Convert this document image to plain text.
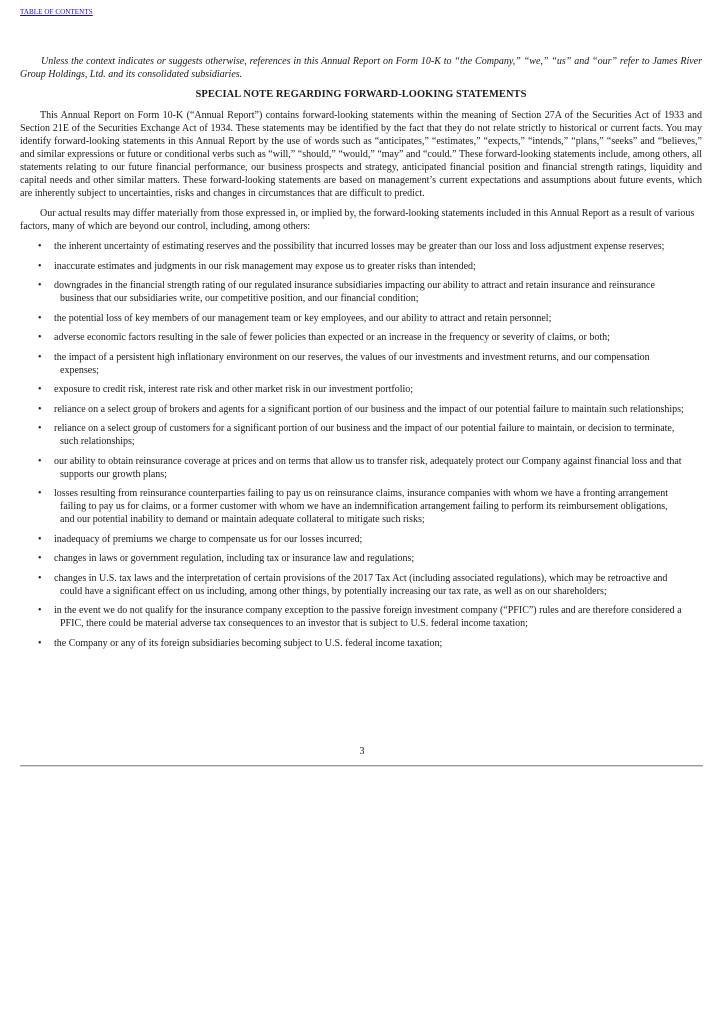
TABLE OF CONTENTS

Unless the context indicates or suggests otherwise, references in this Annual Report on Form 10-K to “the Company,” “we,” “us” and “our” refer to James River Group Holdings, Ltd. and its consolidated subsidiaries.

SPECIAL NOTE REGARDING FORWARD-LOOKING STATEMENTS

This Annual Report on Form 10-K (“Annual Report”) contains forward-looking statements within the meaning of Section 27A of the Securities Act of 1933 and Section 21E of the Securities Exchange Act of 1934. These statements may be identified by the fact that they do not relate strictly to historical or current facts. You may identify forward-looking statements in this Annual Report by the use of words such as “anticipates,” “estimates,” “expects,” “intends,” “plans,” “seeks” and “believes,” and similar expressions or future or conditional verbs such as “will,” “should,” “would,” “may” and “could.” These forward-looking statements include, among others, all statements relating to our future financial performance, our business prospects and strategy, anticipated financial position and financial strength ratings, liquidity and capital needs and other similar matters. These forward-looking statements are based on management’s current expectations and assumptions about future events, which are inherently subject to uncertainties, risks and changes in circumstances that are difficult to predict.

Our actual results may differ materially from those expressed in, or implied by, the forward-looking statements included in this Annual Report as a result of various factors, many of which are beyond our control, including, among others:

• the inherent uncertainty of estimating reserves and the possibility that incurred losses may be greater than our loss and loss adjustment expense reserves;
• inaccurate estimates and judgments in our risk management may expose us to greater risks than intended;
• downgrades in the financial strength rating of our regulated insurance subsidiaries impacting our ability to attract and retain insurance and reinsurance business that our subsidiaries write, our competitive position, and our financial condition;
• the potential loss of key members of our management team or key employees, and our ability to attract and retain personnel;
• adverse economic factors resulting in the sale of fewer policies than expected or an increase in the frequency or severity of claims, or both;
• the impact of a persistent high inflationary environment on our reserves, the values of our investments and investment returns, and our compensation expenses;
• exposure to credit risk, interest rate risk and other market risk in our investment portfolio;
• reliance on a select group of brokers and agents for a significant portion of our business and the impact of our potential failure to maintain such relationships;
• reliance on a select group of customers for a significant portion of our business and the impact of our potential failure to maintain, or decision to terminate, such relationships;
• our ability to obtain reinsurance coverage at prices and on terms that allow us to transfer risk, adequately protect our Company against financial loss and that supports our growth plans;
• losses resulting from reinsurance counterparties failing to pay us on reinsurance claims, insurance companies with whom we have a fronting arrangement failing to pay us for claims, or a former customer with whom we have an indemnification arrangement failing to perform its reimbursement obligations, and our potential inability to demand or maintain adequate collateral to mitigate such risks;
• inadequacy of premiums we charge to compensate us for our losses incurred;
• changes in laws or government regulation, including tax or insurance law and regulations;
• changes in U.S. tax laws and the interpretation of certain provisions of the 2017 Tax Act (including associated regulations), which may be retroactive and could have a significant effect on us including, among other things, by potentially increasing our tax rate, as well as on our shareholders;
• in the event we do not qualify for the insurance company exception to the passive foreign investment company (“PFIC”) rules and are therefore considered a PFIC, there could be material adverse tax consequences to an investor that is subject to U.S. federal income taxation;
• the Company or any of its foreign subsidiaries becoming subject to U.S. federal income taxation;
3
